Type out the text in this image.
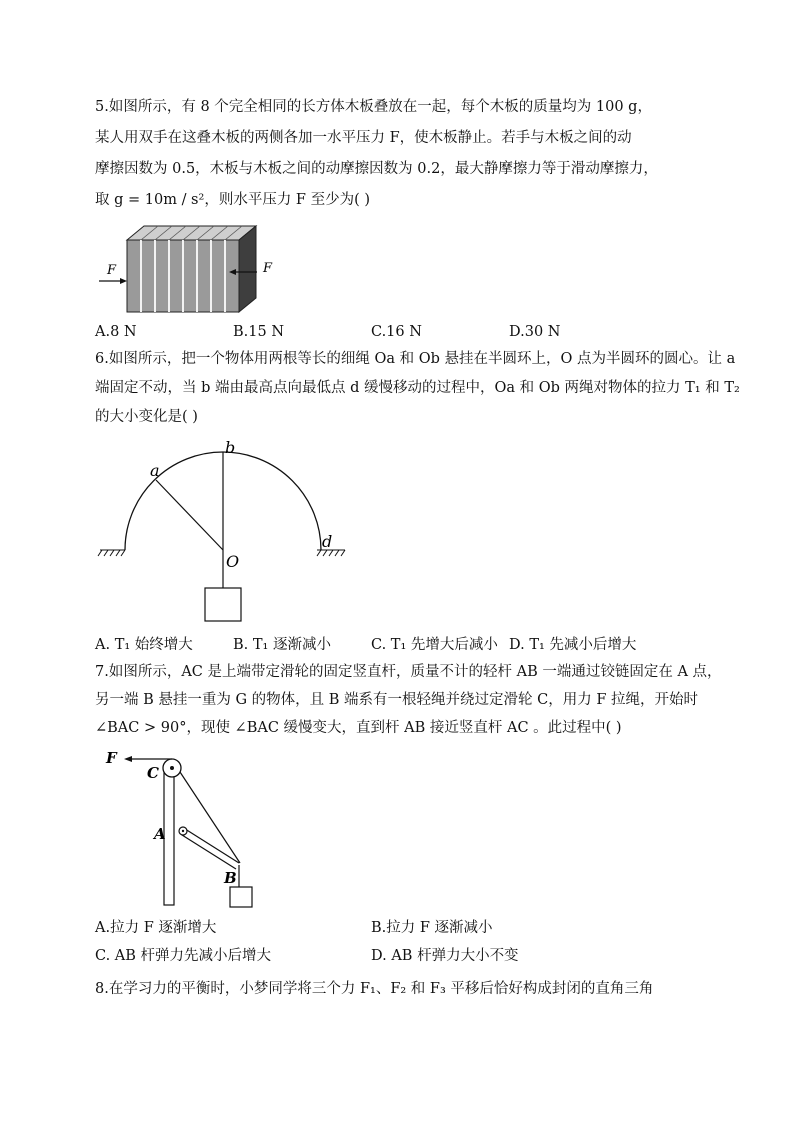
5.如图所示，有 8 个完全相同的长方体木板叠放在一起，每个木板的质量均为 100 g，
某人用双手在这叠木板的两侧各加一水平压力 F，使木板静止。若手与木板之间的动
摩擦因数为 0.5，木板与木板之间的动摩擦因数为 0.2，最大静摩擦力等于滑动摩擦力，
取 g = 10m / s²，则水平压力 F 至少为( )
F	F
A.8 N	B.15 N	C.16 N	D.30 N
6.如图所示，把一个物体用两根等长的细绳 Oa 和 Ob 悬挂在半圆环上，O 点为半圆环的圆心。让 a
端固定不动，当 b 端由最高点向最低点 d 缓慢移动的过程中，Oa 和 Ob 两绳对物体的拉力 T₁ 和 T₂
的大小变化是( )
a
b
d
O
A. T₁ 始终增大	B. T₁ 逐渐减小	C. T₁ 先增大后减小 D. T₁ 先减小后增大
7.如图所示，AC 是上端带定滑轮的固定竖直杆，质量不计的轻杆 AB 一端通过铰链固定在 A 点，
另一端 B 悬挂一重为 G 的物体，且 B 端系有一根轻绳并绕过定滑轮 C，用力 F 拉绳，开始时
∠BAC > 90°，现使 ∠BAC 缓慢变大，直到杆 AB 接近竖直杆 AC 。此过程中( )
F
C
A
B
A.拉力 F 逐渐增大	B.拉力 F 逐渐减小
C. AB 杆弹力先减小后增大	D. AB 杆弹力大小不变
8.在学习力的平衡时，小梦同学将三个力 F₁、F₂ 和 F₃ 平移后恰好构成封闭的直角三角
